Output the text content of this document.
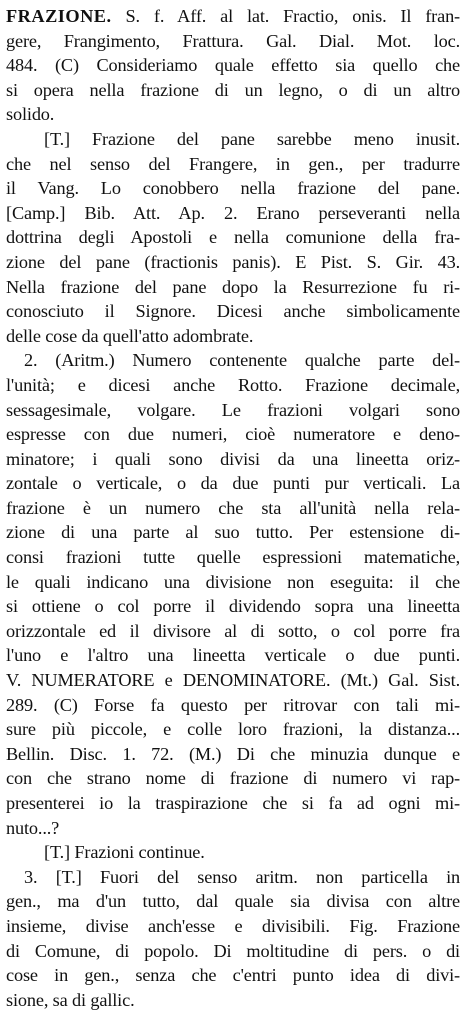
FRAZIONE. S. f. Aff. al lat. Fractio, onis. Il fran-
gere, Frangimento, Frattura. Gal. Dial. Mot. loc.
484. (C) Consideriamo quale effetto sia quello che
si opera nella frazione di un legno, o di un altro
solido.
[T.] Frazione del pane sarebbe meno inusit.
che nel senso del Frangere, in gen., per tradurre
il Vang. Lo conobbero nella frazione del pane.
[Camp.] Bib. Att. Ap. 2. Erano perseveranti nella
dottrina degli Apostoli e nella comunione della fra-
zione del pane (fractionis panis). E Pist. S. Gir. 43.
Nella frazione del pane dopo la Resurrezione fu ri-
conosciuto il Signore. Dicesi anche simbolicamente
delle cose da quell'atto adombrate.
2. (Aritm.) Numero contenente qualche parte del-
l'unità; e dicesi anche Rotto. Frazione decimale,
sessagesimale, volgare. Le frazioni volgari sono
espresse con due numeri, cioè numeratore e deno-
minatore; i quali sono divisi da una lineetta oriz-
zontale o verticale, o da due punti pur verticali. La
frazione è un numero che sta all'unità nella rela-
zione di una parte al suo tutto. Per estensione di-
consi frazioni tutte quelle espressioni matematiche,
le quali indicano una divisione non eseguita: il che
si ottiene o col porre il dividendo sopra una lineetta
orizzontale ed il divisore al di sotto, o col porre fra
l'uno e l'altro una lineetta verticale o due punti.
V. NUMERATORE e DENOMINATORE. (Mt.) Gal. Sist.
289. (C) Forse fa questo per ritrovar con tali mi-
sure più piccole, e colle loro frazioni, la distanza...
Bellin. Disc. 1. 72. (M.) Di che minuzia dunque e
con che strano nome di frazione di numero vi rap-
presenterei io la traspirazione che si fa ad ogni mi-
nuto...?
[T.] Frazioni continue.
3. [T.] Fuori del senso aritm. non particella in
gen., ma d'un tutto, dal quale sia divisa con altre
insieme, divise anch'esse e divisibili. Fig. Frazione
di Comune, di popolo. Di moltitudine di pers. o di
cose in gen., senza che c'entri punto idea di divi-
sione, sa di gallic.
